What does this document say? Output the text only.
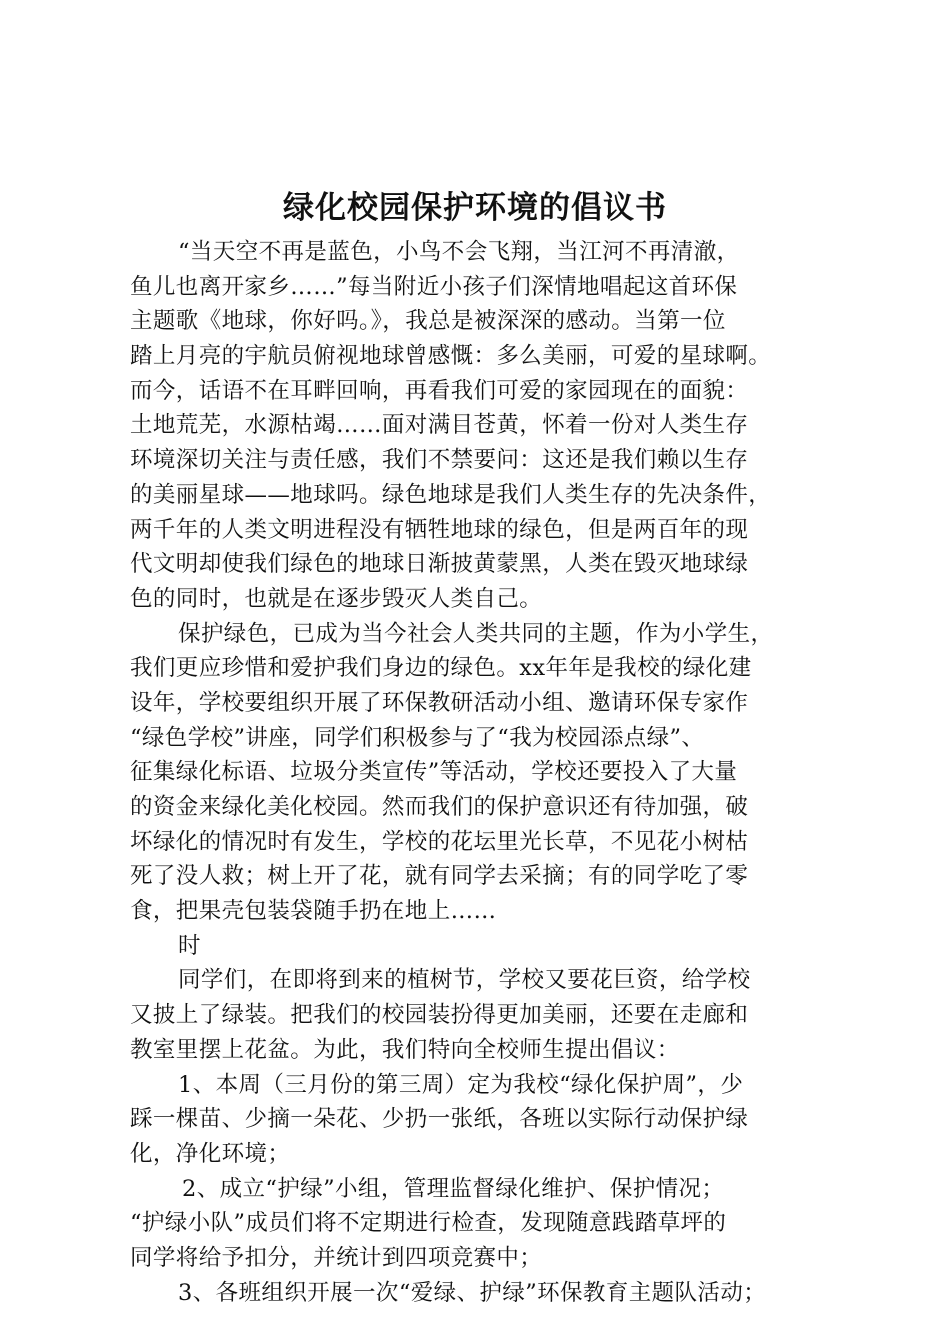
绿化校园保护环境的倡议书
“当天空不再是蓝色，小鸟不会飞翔，当江河不再清澈，
鱼儿也离开家乡……”每当附近小孩子们深情地唱起这首环保
主题歌《地球，你好吗。》，我总是被深深的感动。当第一位
踏上月亮的宇航员俯视地球曾感慨：多么美丽，可爱的星球啊。
而今，话语不在耳畔回响，再看我们可爱的家园现在的面貌：
土地荒芜，水源枯竭……面对满目苍黄，怀着一份对人类生存
环境深切关注与责任感，我们不禁要问：这还是我们赖以生存
的美丽星球——地球吗。绿色地球是我们人类生存的先决条件，
两千年的人类文明进程没有牺牲地球的绿色，但是两百年的现
代文明却使我们绿色的地球日渐披黄蒙黑，人类在毁灭地球绿
色的同时，也就是在逐步毁灭人类自己。
保护绿色，已成为当今社会人类共同的主题，作为小学生，
我们更应珍惜和爱护我们身边的绿色。xx年年是我校的绿化建
设年，学校要组织开展了环保教研活动小组、邀请环保专家作
“绿色学校”讲座，同学们积极参与了“我为校园添点绿”、
征集绿化标语、垃圾分类宣传”等活动，学校还要投入了大量
的资金来绿化美化校园。然而我们的保护意识还有待加强，破
坏绿化的情况时有发生，学校的花坛里光长草，不见花小树枯
死了没人救；树上开了花，就有同学去采摘；有的同学吃了零
食，把果壳包装袋随手扔在地上……
时
同学们，在即将到来的植树节，学校又要花巨资，给学校
又披上了绿装。把我们的校园装扮得更加美丽，还要在走廊和
教室里摆上花盆。为此，我们特向全校师生提出倡议：
1、本周（三月份的第三周）定为我校“绿化保护周”，少
踩一棵苗、少摘一朵花、少扔一张纸，各班以实际行动保护绿
化，净化环境；
2、成立“护绿”小组，管理监督绿化维护、保护情况；
“护绿小队”成员们将不定期进行检查，发现随意践踏草坪的
同学将给予扣分，并统计到四项竞赛中；
3、各班组织开展一次“爱绿、护绿”环保教育主题队活动；
